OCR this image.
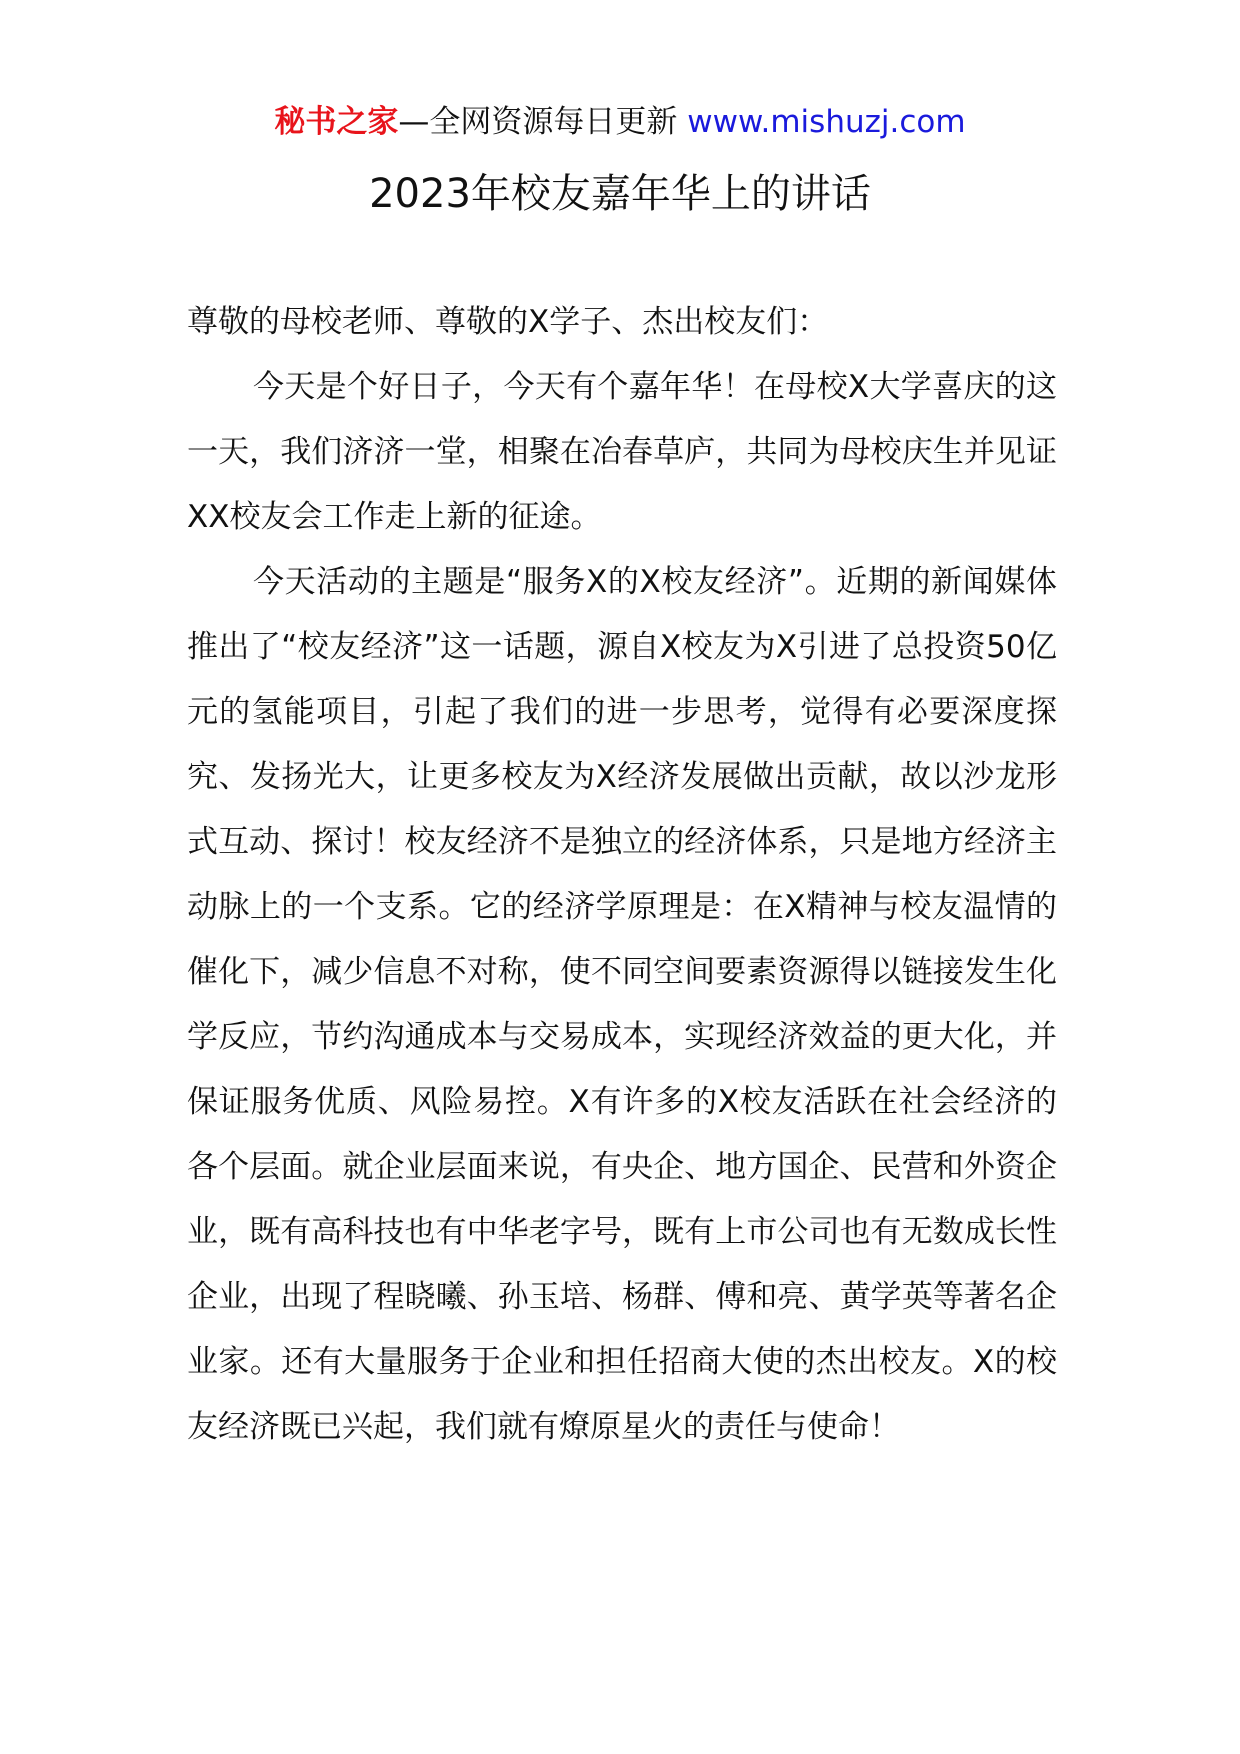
秘书之家—全网资源每日更新 www.mishuzj.com
2023年校友嘉年华上的讲话

尊敬的母校老师、尊敬的X学子、杰出校友们：

今天是个好日子，今天有个嘉年华！在母校X大学喜庆的这一天，我们济济一堂，相聚在冶春草庐，共同为母校庆生并见证XX校友会工作走上新的征途。

今天活动的主题是“服务X的X校友经济”。近期的新闻媒体推出了“校友经济”这一话题，源自X校友为X引进了总投资50亿元的氢能项目，引起了我们的进一步思考，觉得有必要深度探究、发扬光大，让更多校友为X经济发展做出贡献，故以沙龙形式互动、探讨！校友经济不是独立的经济体系，只是地方经济主动脉上的一个支系。它的经济学原理是：在X精神与校友温情的催化下，减少信息不对称，使不同空间要素资源得以链接发生化学反应，节约沟通成本与交易成本，实现经济效益的更大化，并保证服务优质、风险易控。X有许多的X校友活跃在社会经济的各个层面。就企业层面来说，有央企、地方国企、民营和外资企业，既有高科技也有中华老字号，既有上市公司也有无数成长性企业，出现了程晓曦、孙玉培、杨群、傅和亮、黄学英等著名企业家。还有大量服务于企业和担任招商大使的杰出校友。X的校友经济既已兴起，我们就有燎原星火的责任与使命！
